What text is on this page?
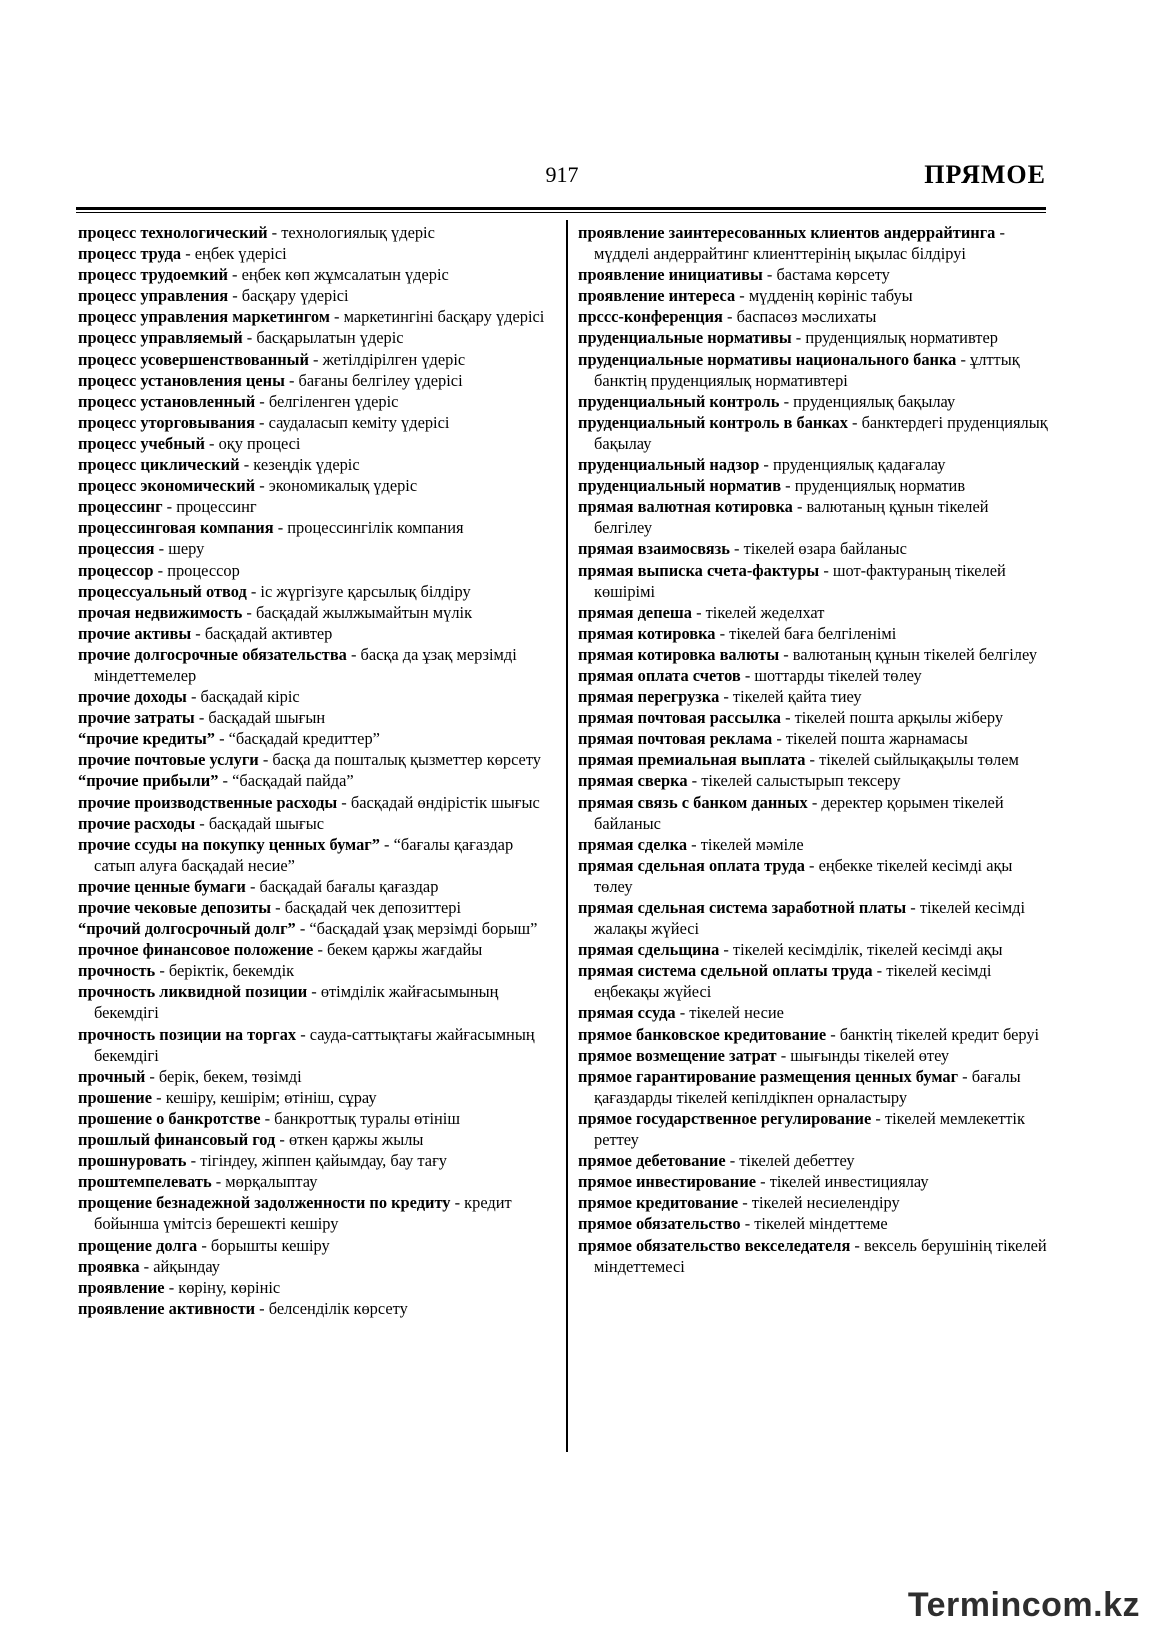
917	ПРЯМОЕ

процесс технологический - технологиялық үдеріс

процесс труда - еңбек үдерісі

процесс трудоемкий - еңбек көп жұмсалатын үдеріс

процесс управления - басқару үдерісі

процесс управления маркетингом - маркетингіні басқару үдерісі

процесс управляемый - басқарылатын үдеріс

процесс усовершенствованный - жетілдірілген үдеріс

процесс установления цены - бағаны белгілеу үдерісі

процесс установленный - белгіленген үдеріс

процесс уторговывания - саудаласып кеміту үдерісі

процесс учебный - оқу процесі

процесс циклический - кезеңдік үдеріс

процесс экономический - экономикалық үдеріс

процессинг - процессинг

процессинговая компания - процессингілік компания

процессия - шеру

процессор - процессор

процессуальный отвод - іс жүргізуге қарсылық білдіру

прочая недвижимость - басқадай жылжымайтын мүлік

прочие активы - басқадай активтер

прочие долгосрочные обязательства - басқа да ұзақ мерзімді міндеттемелер

прочие доходы - басқадай кіріс

прочие затраты - басқадай шығын

“прочие кредиты” - “басқадай кредиттер”

прочие почтовые услуги - басқа да пошталық қызметтер көрсету

“прочие прибыли” - “басқадай пайда”

прочие производственные расходы - басқадай өндірістік шығыс

прочие расходы - басқадай шығыс

прочие ссуды на покупку ценных бумаг” - “бағалы қағаздар сатып алуға басқадай несие”

прочие ценные бумаги - басқадай бағалы қағаздар

прочие чековые депозиты - басқадай чек депозиттері

“прочий долгосрочный долг” - “басқадай ұзақ мерзімді борыш”

прочное финансовое положение - бекем қаржы жағдайы

прочность - беріктік, бекемдік

прочность ликвидной позиции - өтімділік жайғасымының бекемдігі

прочность позиции на торгах - сауда-саттықтағы жайғасымның бекемдігі

прочный - берік, бекем, төзімді

прошение - кешіру, кешірім; өтініш, сұрау

прошение о банкротстве - банкроттық туралы өтініш

прошлый финансовый год - өткен қаржы жылы

прошнуровать - тігіндеу, жіппен қайымдау, бау тағу

проштемпелевать - мөрқалыптау

прощение безнадежной задолженности по кредиту - кредит бойынша үмітсіз берешекті кешіру

прощение долга - борышты кешіру

проявка - айқындау

проявление - көріну, көрініс

проявление активности - белсенділік көрсету

проявление заинтересованных клиентов андеррайтинга - мүдделі андеррайтинг клиенттерінің ықылас білдіруі

проявление инициативы - бастама көрсету

проявление интереса - мүдденің көрініс табуы

прссс-конференция - баспасөз мәслихаты

пруденциальные нормативы - пруденциялық нормативтер

пруденциальные нормативы национального банка - ұлттық банктің пруденциялық нормативтері

пруденциальный контроль - пруденциялық бақылау

пруденциальный контроль в банках - банктердегі пруденциялық бақылау

пруденциальный надзор - пруденциялық қадағалау

пруденциальный норматив - пруденциялық норматив

прямая валютная котировка - валютаның құнын тікелей белгілеу

прямая взаимосвязь - тікелей өзара байланыс

прямая выписка счета-фактуры - шот-фактураның тікелей көшірімі

прямая депеша - тікелей жеделхат

прямая котировка - тікелей баға белгіленімі

прямая котировка валюты - валютаның құнын тікелей белгілеу

прямая оплата счетов - шоттарды тікелей төлеу

прямая перегрузка - тікелей қайта тиеу

прямая почтовая рассылка - тікелей пошта арқылы жіберу

прямая почтовая реклама - тікелей пошта жарнамасы

прямая премиальная выплата - тікелей сыйлықақылы төлем

прямая сверка - тікелей салыстырып тексеру

прямая связь с банком данных - деректер қорымен тікелей байланыс

прямая сделка - тікелей мәміле

прямая сдельная оплата труда - еңбекке тікелей кесімді ақы төлеу

прямая сдельная система заработной платы - тікелей кесімді жалақы жүйесі

прямая сдельщина - тікелей кесімділік, тікелей кесімді ақы

прямая система сдельной оплаты труда - тікелей кесімді еңбекақы жүйесі

прямая ссуда - тікелей несие

прямое банковское кредитование - банктің тікелей кредит беруі

прямое возмещение затрат - шығынды тікелей өтеу

прямое гарантирование размещения ценных бумаг - бағалы қағаздарды тікелей кепілдікпен орналастыру

прямое государственное регулирование - тікелей мемлекеттік реттеу

прямое дебетование - тікелей дебеттеу

прямое инвестирование - тікелей инвестициялау

прямое кредитование - тікелей несиелендіру

прямое обязательство - тікелей міндеттеме

прямое обязательство векселедателя - вексель берушінің тікелей міндеттемесі

Termincom.kz
